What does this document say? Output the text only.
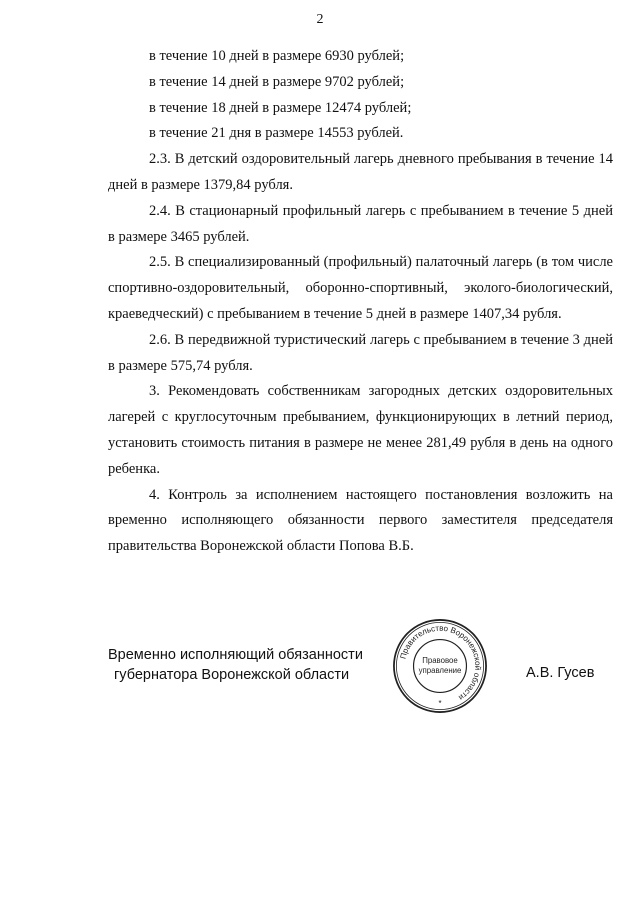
2

в течение 10 дней в размере 6930 рублей;

в течение 14 дней в размере 9702 рублей;

в течение 18 дней в размере 12474 рублей;

в течение 21 дня в размере 14553 рублей.

2.3. В детский оздоровительный лагерь дневного пребывания в течение 14 дней в размере 1379,84 рубля.

2.4. В стационарный профильный лагерь с пребыванием в течение 5 дней в размере 3465 рублей.

2.5. В специализированный (профильный) палаточный лагерь (в том числе спортивно-оздоровительный, оборонно-спортивный, эколого-биологический, краеведческий) с пребыванием в течение 5 дней в размере 1407,34 рубля.

2.6. В передвижной туристический лагерь с пребыванием в течение 3 дней в размере 575,74 рубля.

3. Рекомендовать собственникам загородных детских оздоровительных лагерей с круглосуточным пребыванием, функционирующих в летний период, установить стоимость питания в размере не менее 281,49 рубля в день на одного ребенка.

4. Контроль за исполнением настоящего постановления возложить на временно исполняющего обязанности первого заместителя председателя правительства Воронежской области Попова В.Б.

Временно исполняющий обязанности
губернатора Воронежской области
Правительство Воронежской области
Правовое
управление
*
А.В. Гусев
